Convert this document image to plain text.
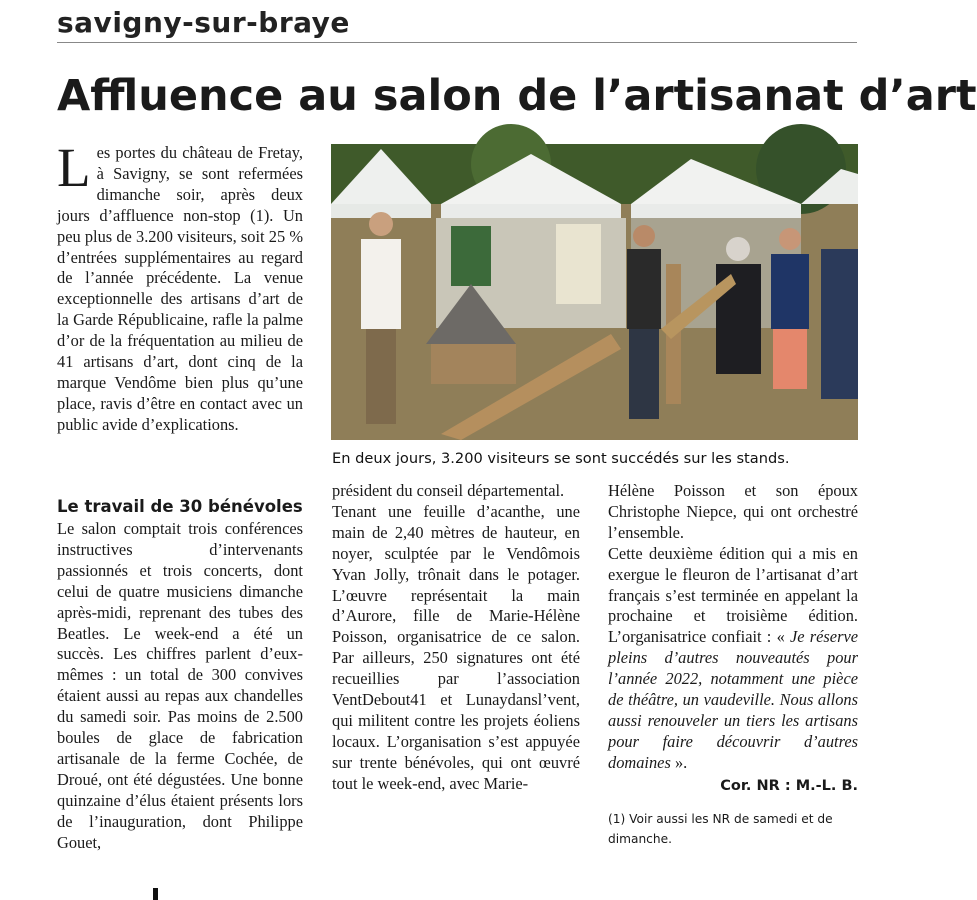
savigny-sur-braye
Affluence au salon de l’artisanat d’art

Les portes du château de Fretay, à Savigny, se sont refermées dimanche soir, après deux jours d’affluence non-stop (1). Un peu plus de 3.200 visiteurs, soit 25 % d’entrées supplémentaires au regard de l’année précédente. La venue exceptionnelle des artisans d’art de la Garde Républicaine, rafle la palme d’or de la fréquentation au milieu de 41 artisans d’art, dont cinq de la marque Vendôme bien plus qu’une place, ravis d’être en contact avec un public avide d’explications.

Le travail de 30 bénévoles

Le salon comptait trois conférences instructives d’intervenants passionnés et trois concerts, dont celui de quatre musiciens dimanche après-midi, reprenant des tubes des Beatles. Le week-end a été un succès. Les chiffres parlent d’eux-mêmes : un total de 300 convives étaient aussi au repas aux chandelles du samedi soir. Pas moins de 2.500 boules de glace de fabrication artisanale de la ferme Cochée, de Droué, ont été dégustées. Une bonne quinzaine d’élus étaient présents lors de l’inauguration, dont Philippe Gouet,

En deux jours, 3.200 visiteurs se sont succédés sur les stands.

président du conseil départemental.

Tenant une feuille d’acanthe, une main de 2,40 mètres de hauteur, en noyer, sculptée par le Vendômois Yvan Jolly, trônait dans le potager. L’œuvre représentait la main d’Aurore, fille de Marie-Hélène Poisson, organisatrice de ce salon. Par ailleurs, 250 signatures ont été recueillies par l’association VentDebout41 et Lunaydansl’vent, qui militent contre les projets éoliens locaux. L’organisation s’est appuyée sur trente bénévoles, qui ont œuvré tout le week-end, avec Marie-

Hélène Poisson et son époux Christophe Niepce, qui ont orchestré l’ensemble.

Cette deuxième édition qui a mis en exergue le fleuron de l’artisanat d’art français s’est terminée en appelant la prochaine et troisième édition. L’organisatrice confiait : « Je réserve pleins d’autres nouveautés pour l’année 2022, notamment une pièce de théâtre, un vaudeville. Nous allons aussi renouveler un tiers les artisans pour faire découvrir d’autres domaines ».

Cor. NR : M.-L. B.
(1) Voir aussi les NR de samedi et de dimanche.
